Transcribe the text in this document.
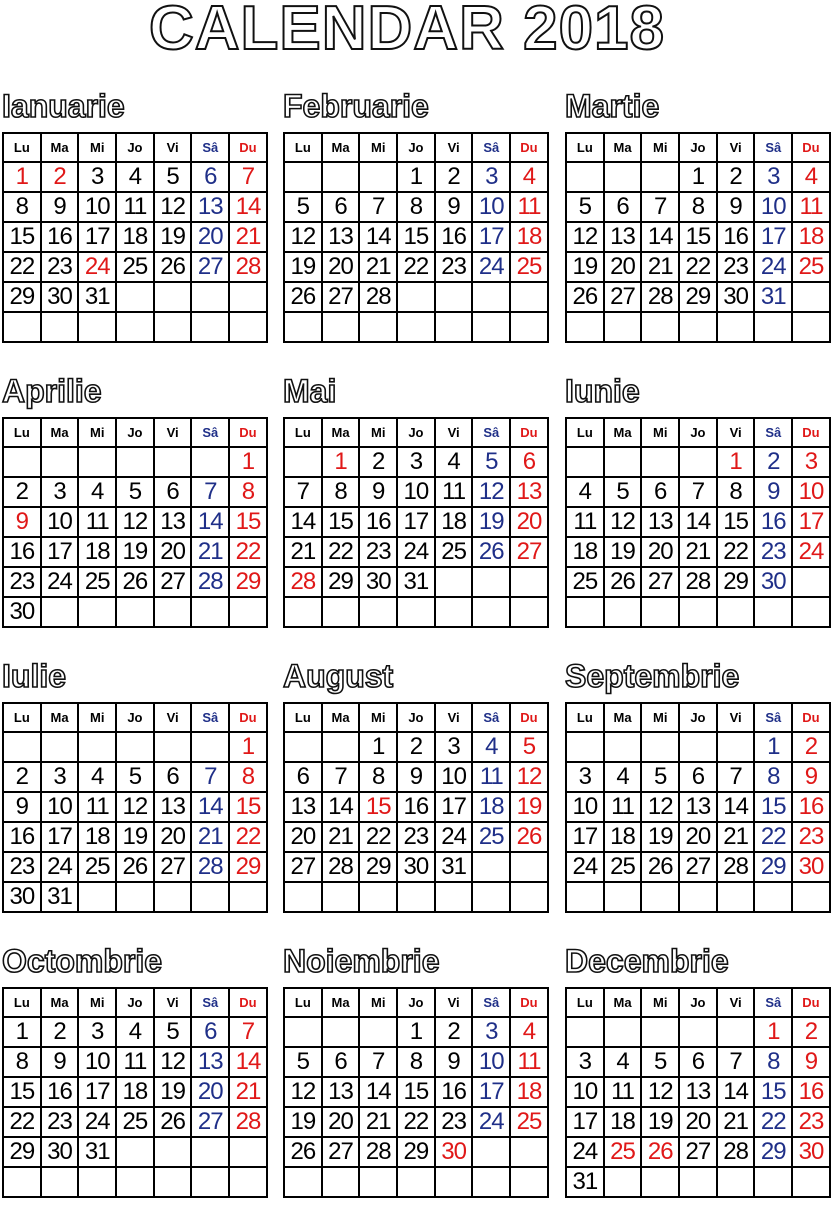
CALENDAR 2018
Ianuarie
Lu	Ma	Mi	Jo	Vi	Sâ	Du
1	2	3	4	5	6	7
8	9	10	11	12	13	14
15	16	17	18	19	20	21
22	23	24	25	26	27	28
29	30	31				

Februarie
Lu	Ma	Mi	Jo	Vi	Sâ	Du
			1	2	3	4
5	6	7	8	9	10	11
12	13	14	15	16	17	18
19	20	21	22	23	24	25
26	27	28				

Martie
Lu	Ma	Mi	Jo	Vi	Sâ	Du
			1	2	3	4
5	6	7	8	9	10	11
12	13	14	15	16	17	18
19	20	21	22	23	24	25
26	27	28	29	30	31	

Aprilie
Lu	Ma	Mi	Jo	Vi	Sâ	Du
						1
2	3	4	5	6	7	8
9	10	11	12	13	14	15
16	17	18	19	20	21	22
23	24	25	26	27	28	29
30						
Mai
Lu	Ma	Mi	Jo	Vi	Sâ	Du
	1	2	3	4	5	6
7	8	9	10	11	12	13
14	15	16	17	18	19	20
21	22	23	24	25	26	27
28	29	30	31			

Iunie
Lu	Ma	Mi	Jo	Vi	Sâ	Du
				1	2	3
4	5	6	7	8	9	10
11	12	13	14	15	16	17
18	19	20	21	22	23	24
25	26	27	28	29	30	

Iulie
Lu	Ma	Mi	Jo	Vi	Sâ	Du
						1
2	3	4	5	6	7	8
9	10	11	12	13	14	15
16	17	18	19	20	21	22
23	24	25	26	27	28	29
30	31					
August
Lu	Ma	Mi	Jo	Vi	Sâ	Du
		1	2	3	4	5
6	7	8	9	10	11	12
13	14	15	16	17	18	19
20	21	22	23	24	25	26
27	28	29	30	31		

Septembrie
Lu	Ma	Mi	Jo	Vi	Sâ	Du
					1	2
3	4	5	6	7	8	9
10	11	12	13	14	15	16
17	18	19	20	21	22	23
24	25	26	27	28	29	30

Octombrie
Lu	Ma	Mi	Jo	Vi	Sâ	Du
1	2	3	4	5	6	7
8	9	10	11	12	13	14
15	16	17	18	19	20	21
22	23	24	25	26	27	28
29	30	31				

Noiembrie
Lu	Ma	Mi	Jo	Vi	Sâ	Du
			1	2	3	4
5	6	7	8	9	10	11
12	13	14	15	16	17	18
19	20	21	22	23	24	25
26	27	28	29	30		

Decembrie
Lu	Ma	Mi	Jo	Vi	Sâ	Du
					1	2
3	4	5	6	7	8	9
10	11	12	13	14	15	16
17	18	19	20	21	22	23
24	25	26	27	28	29	30
31						
